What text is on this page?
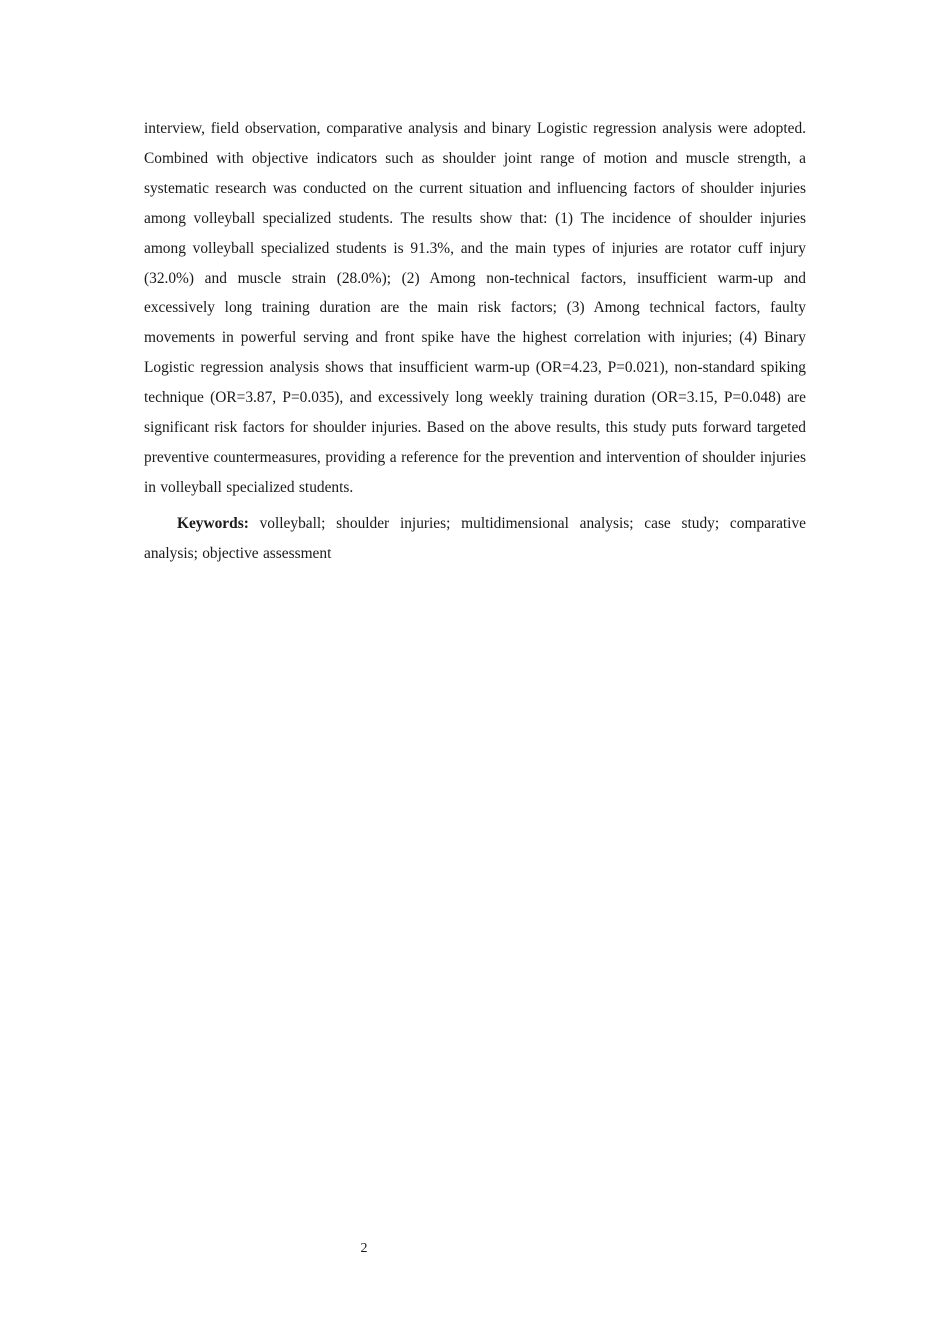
interview, field observation, comparative analysis and binary Logistic regression analysis were adopted. Combined with objective indicators such as shoulder joint range of motion and muscle strength, a systematic research was conducted on the current situation and influencing factors of shoulder injuries among volleyball specialized students. The results show that: (1) The incidence of shoulder injuries among volleyball specialized students is 91.3%, and the main types of injuries are rotator cuff injury (32.0%) and muscle strain (28.0%); (2) Among non-technical factors, insufficient warm-up and excessively long training duration are the main risk factors; (3) Among technical factors, faulty movements in powerful serving and front spike have the highest correlation with injuries; (4) Binary Logistic regression analysis shows that insufficient warm-up (OR=4.23, P=0.021), non-standard spiking technique (OR=3.87, P=0.035), and excessively long weekly training duration (OR=3.15, P=0.048) are significant risk factors for shoulder injuries. Based on the above results, this study puts forward targeted preventive countermeasures, providing a reference for the prevention and intervention of shoulder injuries in volleyball specialized students.

Keywords: volleyball; shoulder injuries; multidimensional analysis; case study; comparative analysis; objective assessment

2
